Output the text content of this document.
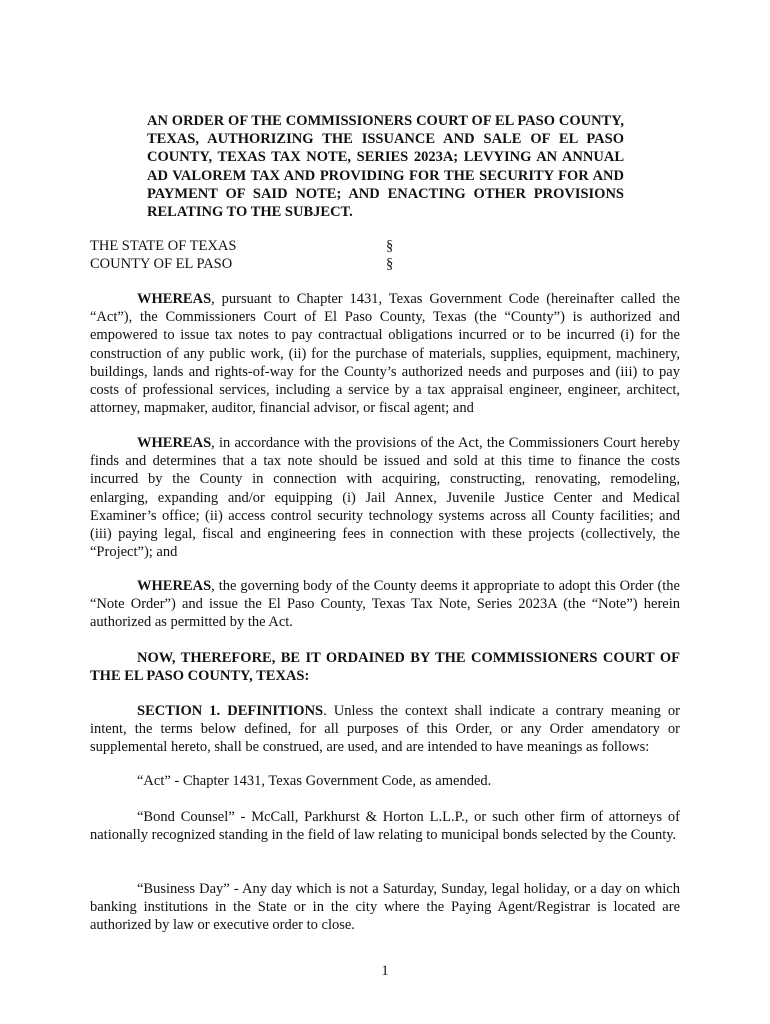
AN ORDER OF THE COMMISSIONERS COURT OF EL PASO COUNTY, TEXAS, AUTHORIZING THE ISSUANCE AND SALE OF EL PASO COUNTY, TEXAS TAX NOTE, SERIES 2023A; LEVYING AN ANNUAL AD VALOREM TAX AND PROVIDING FOR THE SECURITY FOR AND PAYMENT OF SAID NOTE; AND ENACTING OTHER PROVISIONS RELATING TO THE SUBJECT.
THE STATE OF TEXAS	§
COUNTY OF EL PASO	§
WHEREAS, pursuant to Chapter 1431, Texas Government Code (hereinafter called the “Act”), the Commissioners Court of El Paso County, Texas (the “County”) is authorized and empowered to issue tax notes to pay contractual obligations incurred or to be incurred (i) for the construction of any public work, (ii) for the purchase of materials, supplies, equipment, machinery, buildings, lands and rights-of-way for the County’s authorized needs and purposes and (iii) to pay costs of professional services, including a service by a tax appraisal engineer, engineer, architect, attorney, mapmaker, auditor, financial advisor, or fiscal agent; and
WHEREAS, in accordance with the provisions of the Act, the Commissioners Court hereby finds and determines that a tax note should be issued and sold at this time to finance the costs incurred by the County in connection with acquiring, constructing, renovating, remodeling, enlarging, expanding and/or equipping (i) Jail Annex, Juvenile Justice Center and Medical Examiner’s office; (ii) access control security technology systems across all County facilities; and (iii) paying legal, fiscal and engineering fees in connection with these projects (collectively, the “Project”); and
WHEREAS, the governing body of the County deems it appropriate to adopt this Order (the “Note Order”) and issue the El Paso County, Texas Tax Note, Series 2023A (the “Note”) herein authorized as permitted by the Act.
NOW, THEREFORE, BE IT ORDAINED BY THE COMMISSIONERS COURT OF THE EL PASO COUNTY, TEXAS:
SECTION 1. DEFINITIONS. Unless the context shall indicate a contrary meaning or intent, the terms below defined, for all purposes of this Order, or any Order amendatory or supplemental hereto, shall be construed, are used, and are intended to have meanings as follows:
“Act” - Chapter 1431, Texas Government Code, as amended.
“Bond Counsel” - McCall, Parkhurst & Horton L.L.P., or such other firm of attorneys of nationally recognized standing in the field of law relating to municipal bonds selected by the County.
“Business Day” - Any day which is not a Saturday, Sunday, legal holiday, or a day on which banking institutions in the State or in the city where the Paying Agent/Registrar is located are authorized by law or executive order to close.
1
